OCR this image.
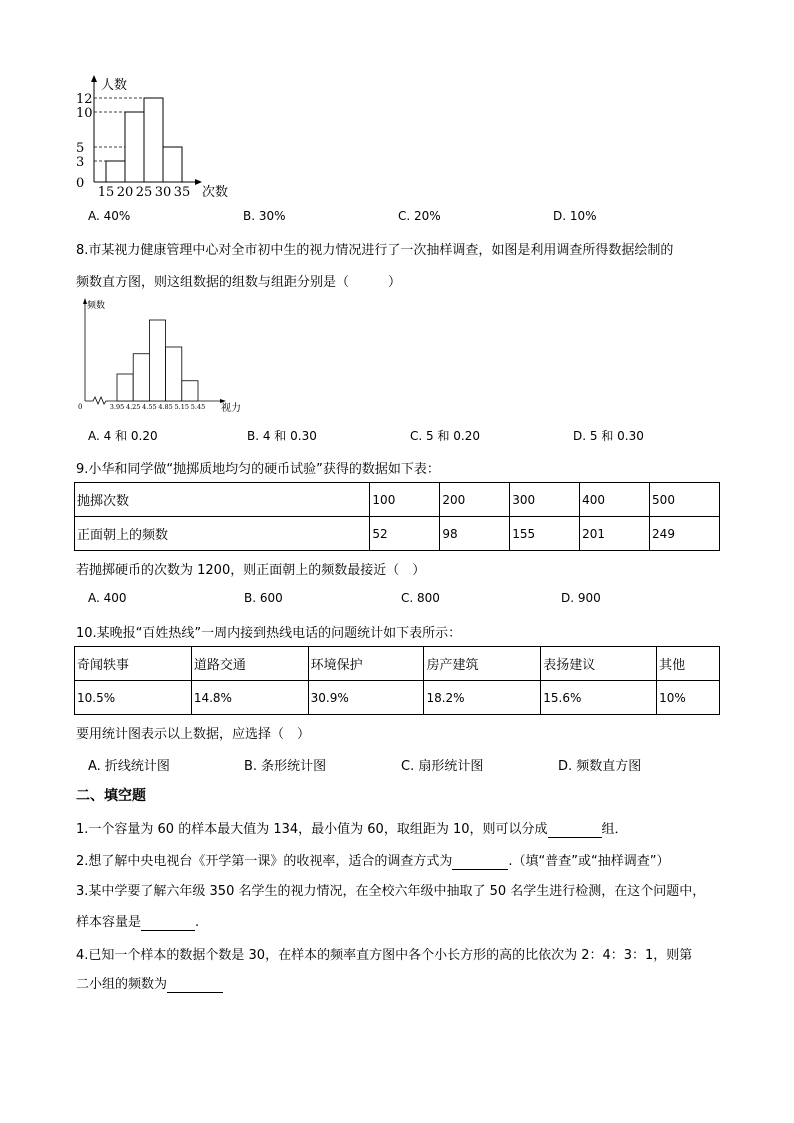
人数
次数
0
3
5
10
12
15 20 25 30 35
A. 40%	B. 30%	C. 20%	D. 10%
8.市某视力健康管理中心对全市初中生的视力情况进行了一次抽样调查，如图是利用调查所得数据绘制的
频数直方图，则这组数据的组数与组距分别是（　　　）
频数
视力
0	3.95 4.25 4.55 4.85 5.15 5.45
A. 4 和 0.20	B. 4 和 0.30	C. 5 和 0.20	D. 5 和 0.30
9.小华和同学做“抛掷质地均匀的硬币试验”获得的数据如下表：
抛掷次数	100	200	300	400	500
正面朝上的频数	52	98	155	201	249
若抛掷硬币的次数为 1200，则正面朝上的频数最接近（　）
A. 400	B. 600	C. 800	D. 900
10.某晚报“百姓热线”一周内接到热线电话的问题统计如下表所示：
奇闻轶事	道路交通	环境保护	房产建筑	表扬建议	其他
10.5%	14.8%	30.9%	18.2%	15.6%	10%
要用统计图表示以上数据，应选择（　）
A. 折线统计图	B. 条形统计图	C. 扇形统计图	D. 频数直方图
二、填空题
1.一个容量为 60 的样本最大值为 134，最小值为 60，取组距为 10，则可以分成	组．
2.想了解中央电视台《开学第一课》的收视率，适合的调查方式为	.（填“普查”或“抽样调查”）
3.某中学要了解六年级 350 名学生的视力情况，在全校六年级中抽取了 50 名学生进行检测，在这个问题中，
样本容量是	.
4.已知一个样本的数据个数是 30，在样本的频率直方图中各个小长方形的高的比依次为 2：4：3：1，则第
二小组的频数为
